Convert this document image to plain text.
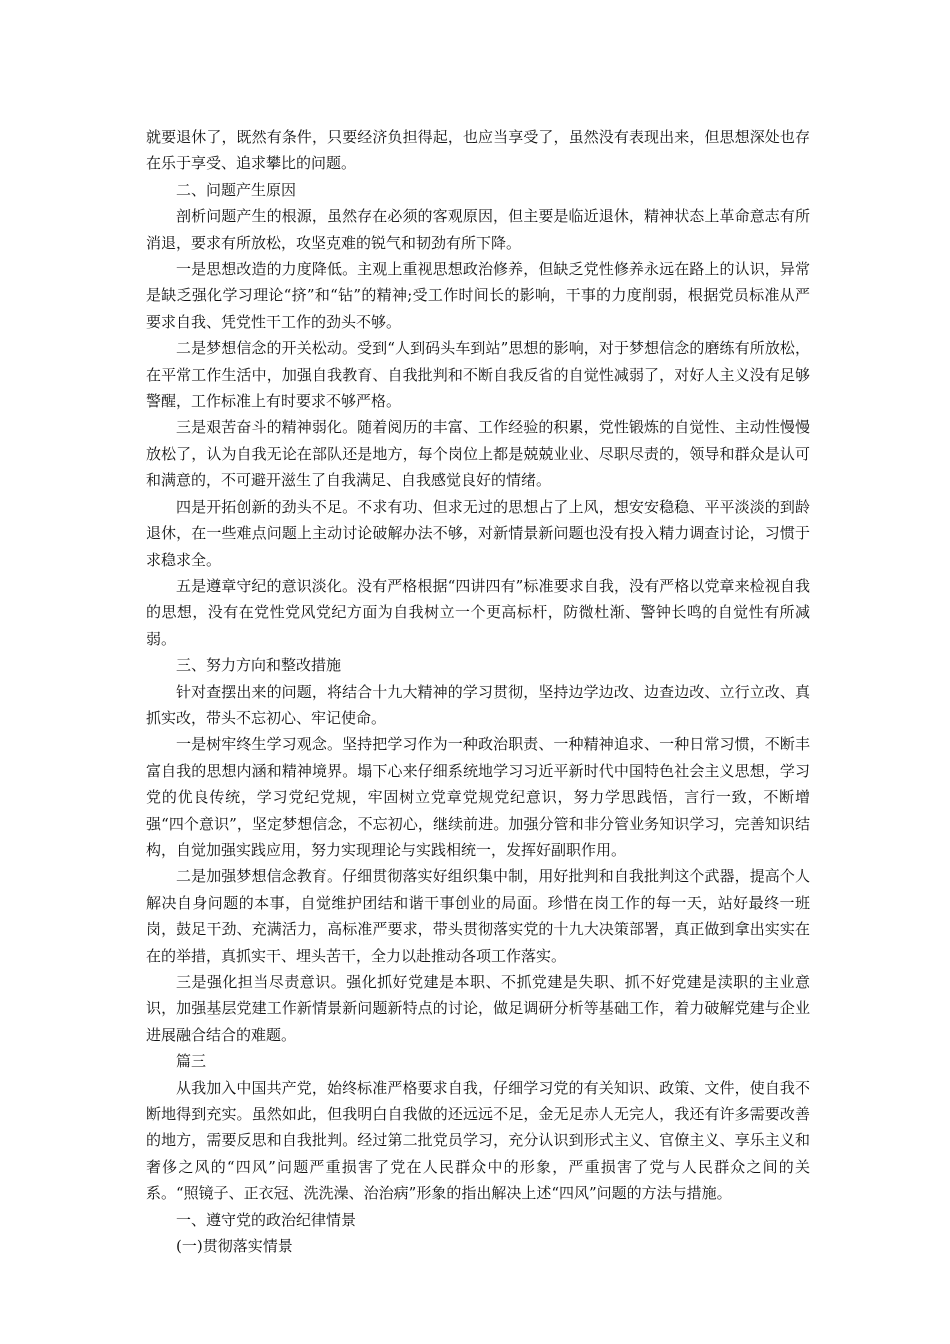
就要退休了，既然有条件，只要经济负担得起，也应当享受了，虽然没有表现出来，但思想深处也存在乐于享受、追求攀比的问题。

二、问题产生原因

剖析问题产生的根源，虽然存在必须的客观原因，但主要是临近退休，精神状态上革命意志有所消退，要求有所放松，攻坚克难的锐气和韧劲有所下降。

一是思想改造的力度降低。主观上重视思想政治修养，但缺乏党性修养永远在路上的认识，异常是缺乏强化学习理论“挤”和“钻”的精神;受工作时间长的影响，干事的力度削弱，根据党员标准从严要求自我、凭党性干工作的劲头不够。

二是梦想信念的开关松动。受到“人到码头车到站”思想的影响，对于梦想信念的磨练有所放松，在平常工作生活中，加强自我教育、自我批判和不断自我反省的自觉性减弱了，对好人主义没有足够警醒，工作标准上有时要求不够严格。

三是艰苦奋斗的精神弱化。随着阅历的丰富、工作经验的积累，党性锻炼的自觉性、主动性慢慢放松了，认为自我无论在部队还是地方，每个岗位上都是兢兢业业、尽职尽责的，领导和群众是认可和满意的，不可避开滋生了自我满足、自我感觉良好的情绪。

四是开拓创新的劲头不足。不求有功、但求无过的思想占了上风，想安安稳稳、平平淡淡的到龄退休，在一些难点问题上主动讨论破解办法不够，对新情景新问题也没有投入精力调查讨论，习惯于求稳求全。

五是遵章守纪的意识淡化。没有严格根据“四讲四有”标准要求自我，没有严格以党章来检视自我的思想，没有在党性党风党纪方面为自我树立一个更高标杆，防微杜渐、警钟长鸣的自觉性有所减弱。

三、努力方向和整改措施

针对查摆出来的问题，将结合十九大精神的学习贯彻，坚持边学边改、边查边改、立行立改、真抓实改，带头不忘初心、牢记使命。

一是树牢终生学习观念。坚持把学习作为一种政治职责、一种精神追求、一种日常习惯，不断丰富自我的思想内涵和精神境界。塌下心来仔细系统地学习习近平新时代中国特色社会主义思想，学习党的优良传统，学习党纪党规，牢固树立党章党规党纪意识，努力学思践悟，言行一致，不断增强“四个意识”，坚定梦想信念，不忘初心，继续前进。加强分管和非分管业务知识学习，完善知识结构，自觉加强实践应用，努力实现理论与实践相统一，发挥好副职作用。

二是加强梦想信念教育。仔细贯彻落实好组织集中制，用好批判和自我批判这个武器，提高个人解决自身问题的本事，自觉维护团结和谐干事创业的局面。珍惜在岗工作的每一天，站好最终一班岗，鼓足干劲、充满活力，高标准严要求，带头贯彻落实党的十九大决策部署，真正做到拿出实实在在的举措，真抓实干、埋头苦干，全力以赴推动各项工作落实。

三是强化担当尽责意识。强化抓好党建是本职、不抓党建是失职、抓不好党建是渎职的主业意识，加强基层党建工作新情景新问题新特点的讨论，做足调研分析等基础工作，着力破解党建与企业进展融合结合的难题。

篇三

从我加入中国共产党，始终标准严格要求自我，仔细学习党的有关知识、政策、文件，使自我不断地得到充实。虽然如此，但我明白自我做的还远远不足，金无足赤人无完人，我还有许多需要改善的地方，需要反思和自我批判。经过第二批党员学习，充分认识到形式主义、官僚主义、享乐主义和奢侈之风的“四风”问题严重损害了党在人民群众中的形象，严重损害了党与人民群众之间的关系。“照镜子、正衣冠、洗洗澡、治治病”形象的指出解决上述“四风”问题的方法与措施。

一、遵守党的政治纪律情景

(一)贯彻落实情景
